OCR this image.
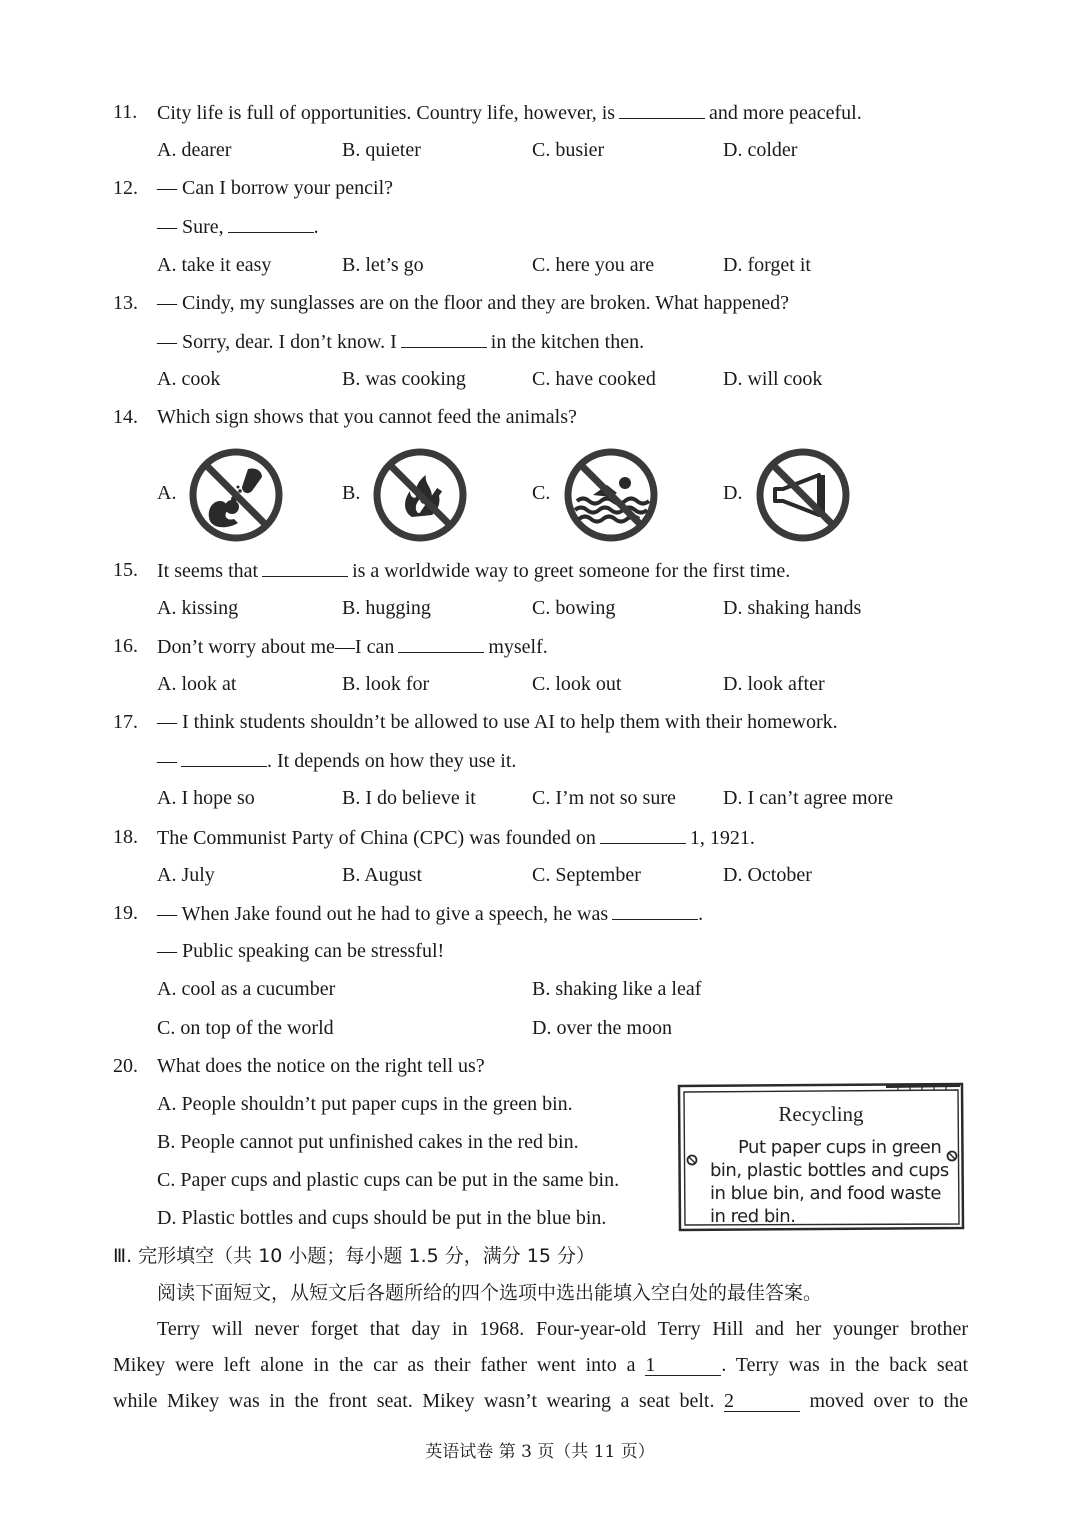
11. City life is full of opportunities. Country life, however, is	and more peaceful.
A. dearer	B. quieter	C. busier	D. colder
12. — Can I borrow your pencil?
— Sure,	.
A. take it easy	B. let’s go	C. here you are	D. forget it
13. — Cindy, my sunglasses are on the floor and they are broken. What happened?
— Sorry, dear. I don’t know. I	in the kitchen then.
A. cook	B. was cooking	C. have cooked	D. will cook
14. Which sign shows that you cannot feed the animals?
A.	B.	C.	D.
15. It seems that	is a worldwide way to greet someone for the first time.
A. kissing	B. hugging	C. bowing	D. shaking hands
16. Don’t worry about me—I can	myself.
A. look at	B. look for	C. look out	D. look after
17. — I think students shouldn’t be allowed to use AI to help them with their homework.
—	. It depends on how they use it.
A. I hope so	B. I do believe it	C. I’m not so sure D. I can’t agree more
18. The Communist Party of China (CPC) was founded on	1, 1921.
A. July	B. August	C. September	D. October
19. — When Jake found out he had to give a speech, he was	.
— Public speaking can be stressful!
A. cool as a cucumber	B. shaking like a leaf
C. on top of the world	D. over the moon
20. What does the notice on the right tell us?
A. People shouldn’t put paper cups in the green bin.
B. People cannot put unfinished cakes in the red bin.
C. Paper cups and plastic cups can be put in the same bin.
D. Plastic bottles and cups should be put in the blue bin.
Recycling
Put paper cups in green
bin, plastic bottles and cups
in blue bin, and food waste
in red bin.
Ⅲ. 完形填空（共 10 小题；每小题 1.5 分，满分 15 分）
阅读下面短文，从短文后各题所给的四个选项中选出能填入空白处的最佳答案。
Terry will never forget that day in 1968. Four-year-old Terry Hill and her younger brother
Mikey were left alone in the car as their father went into a 1	. Terry was in the back seat
while Mikey was in the front seat. Mikey wasn’t wearing a seat belt. 2	moved over to the
英语试卷 第 3 页（共 11 页）
